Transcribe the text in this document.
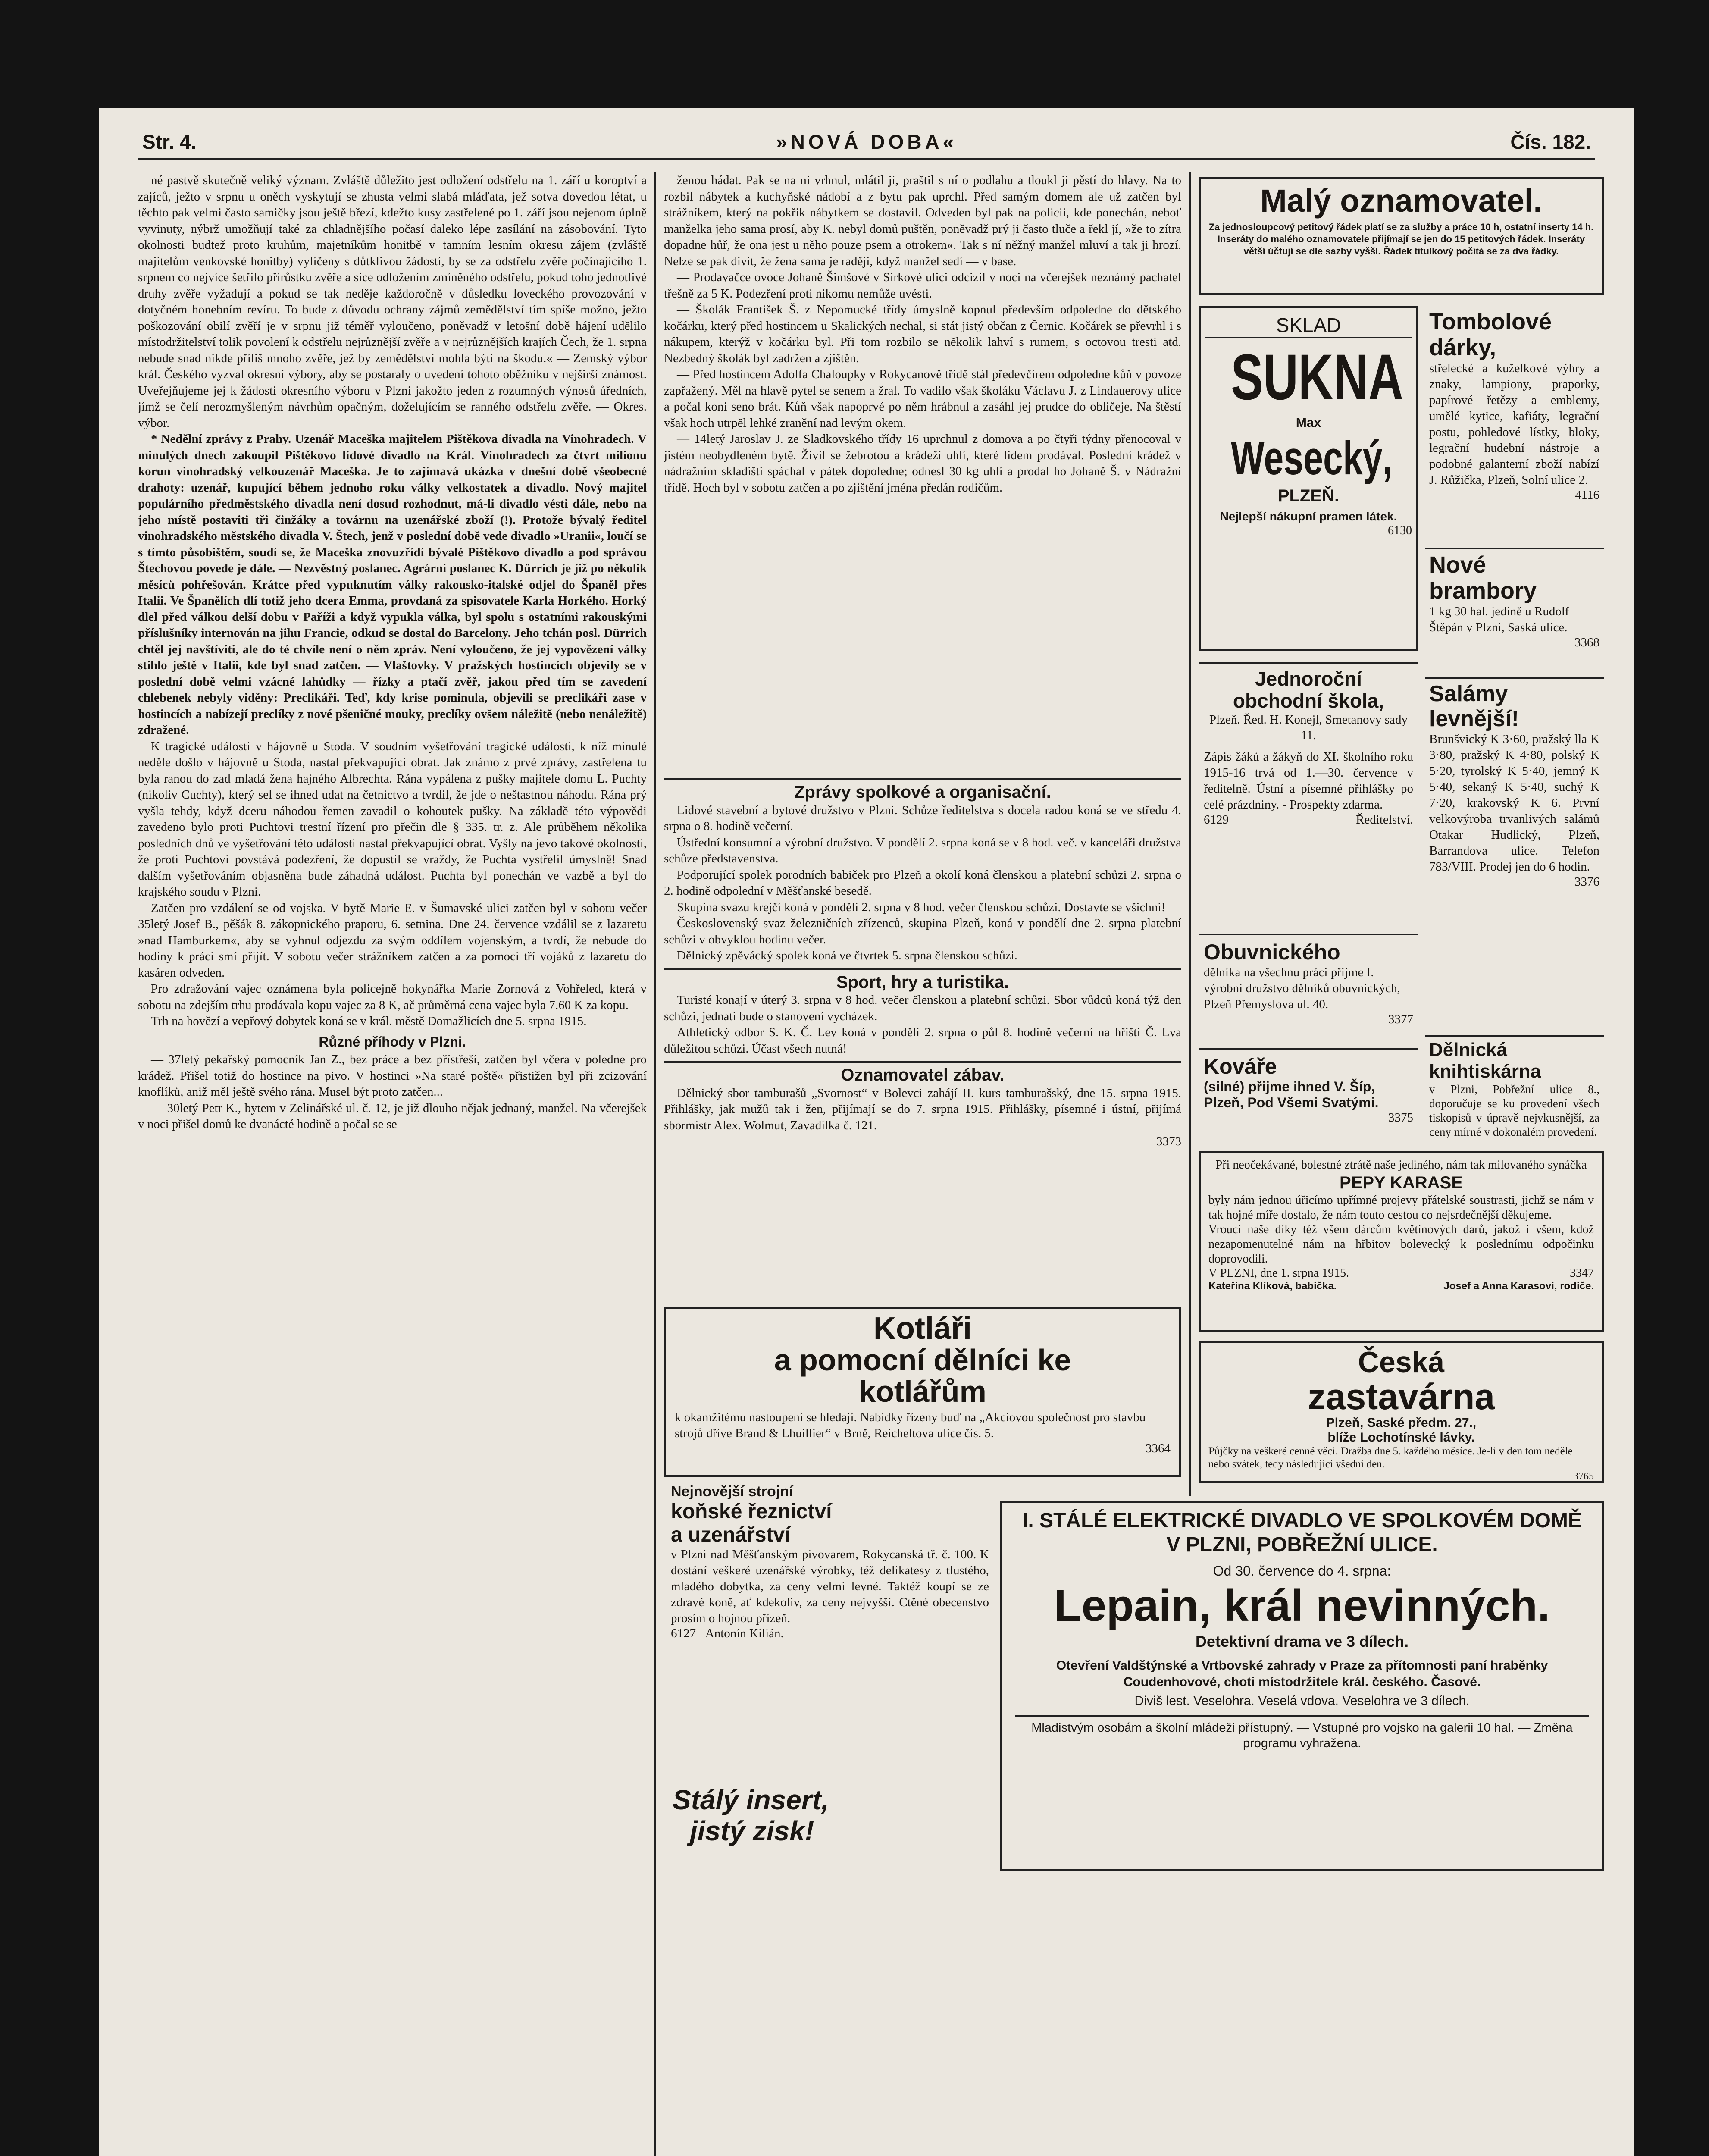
Str. 4.	»NOVÁ DOBA«	Čís. 182.

né pastvě skutečně veliký význam. Zvláště důležito jest odložení odstřelu na 1. září u koroptví a zajíců, ježto v srpnu u oněch vyskytují se zhusta velmi slabá mláďata, jež sotva dovedou létat, u těchto pak velmi často samičky jsou ještě březí, kdežto kusy zastřelené po 1. září jsou nejenom úplně vyvinuty, nýbrž umožňují také za chladnějšího počasí daleko lépe zasílání na zásobování. Tyto okolnosti budtež proto kruhům, majetníkům honitbě v tamním lesním okresu zájem (zvláště majitelům venkovské honitby) vylíčeny s důtklivou žádostí, by se za odstřelu zvěře počínajícího 1. srpnem co nejvíce šetřilo přírůstku zvěře a sice odložením zmíněného odstřelu, pokud toho jednotlivé druhy zvěře vyžadují a pokud se tak neděje každoročně v důsledku loveckého provozování v dotyčném honebním revíru. To bude z důvodu ochrany zájmů zemědělství tím spíše možno, ježto poškozování obilí zvěří je v srpnu již téměř vyloučeno, poněvadž v letošní době hájení udělilo místodržitelství tolik povolení k odstřelu nejrůznější zvěře a v nejrůznějších krajích Čech, že 1. srpna nebude snad nikde příliš mnoho zvěře, jež by zemědělství mohla býti na škodu.« — Zemský výbor král. Českého vyzval okresní výbory, aby se postaraly o uvedení tohoto oběžníku v nejširší známost. Uveřejňujeme jej k žádosti okresního výboru v Plzni jakožto jeden z rozumných výnosů úředních, jímž se čelí nerozmyšleným návrhům opačným, doželujícím se ranného odstřelu zvěře. — Okres. výbor.

* Nedělní zprávy z Prahy. Uzenář Maceška majitelem Pištěkova divadla na Vinohradech. V minulých dnech zakoupil Pištěkovo lidové divadlo na Král. Vinohradech za čtvrt milionu korun vinohradský velkouzenář Maceška. Je to zajímavá ukázka v dnešní době všeobecné drahoty: uzenář, kupující během jednoho roku války velkostatek a divadlo. Nový majitel populárního předměstského divadla není dosud rozhodnut, má-li divadlo vésti dále, nebo na jeho místě postaviti tři činžáky a továrnu na uzenářské zboží (!). Protože bývalý ředitel vinohradského městského divadla V. Štech, jenž v poslední době vede divadlo »Uranii«, loučí se s tímto působištěm, soudí se, že Maceška znovuzřídí bývalé Pištěkovo divadlo a pod správou Štechovou povede je dále. — Nezvěstný poslanec. Agrární poslanec K. Dürrich je již po několik měsíců pohřešován. Krátce před vypuknutím války rakousko-italské odjel do Španěl přes Italii. Ve Španělích dlí totiž jeho dcera Emma, provdaná za spisovatele Karla Horkého. Horký dlel před válkou delší dobu v Paříži a když vypukla válka, byl spolu s ostatními rakouskými příslušníky internován na jihu Francie, odkud se dostal do Barcelony. Jeho tchán posl. Dürrich chtěl jej navštíviti, ale do té chvíle není o něm zpráv. Není vyloučeno, že jej vypovězení války stihlo ještě v Italii, kde byl snad zatčen. — Vlaštovky. V pražských hostincích objevily se v poslední době velmi vzácné lahůdky — řízky a ptačí zvěř, jakou před tím se zavedení chlebenek nebyly viděny: Preclikáři. Teď, kdy krise pominula, objevili se preclikáři zase v hostincích a nabízejí preclíky z nové pšeničné mouky, preclíky ovšem náležitě (nebo nenáležitě) zdražené.

K tragické události v hájovně u Stoda. V soudním vyšetřování tragické události, k níž minulé neděle došlo v hájovně u Stoda, nastal překvapující obrat. Jak známo z prvé zprávy, zastřelena tu byla ranou do zad mladá žena hajného Albrechta. Rána vypálena z pušky majitele domu L. Puchty (nikoliv Cuchty), který sel se ihned udat na četnictvo a tvrdil, že jde o neštastnou náhodu. Rána prý vyšla tehdy, když dceru náhodou řemen zavadil o kohoutek pušky. Na základě této výpovědi zavedeno bylo proti Puchtovi trestní řízení pro přečin dle § 335. tr. z. Ale průběhem několika posledních dnů ve vyšetřování této události nastal překvapující obrat. Vyšly na jevo takové okolnosti, že proti Puchtovi povstává podezření, že dopustil se vraždy, že Puchta vystřelil úmyslně! Snad dalším vyšetřováním objasněna bude záhadná událost. Puchta byl ponechán ve vazbě a byl do krajského soudu v Plzni.

Zatčen pro vzdálení se od vojska. V bytě Marie E. v Šumavské ulici zatčen byl v sobotu večer 35letý Josef B., pěšák 8. zákopnického praporu, 6. setnina. Dne 24. července vzdálil se z lazaretu »nad Hamburkem«, aby se vyhnul odjezdu za svým oddílem vojenským, a tvrdí, že nebude do hodiny k práci smí přijít. V sobotu večer strážníkem zatčen a za pomoci tří vojáků z lazaretu do kasáren odveden.

Pro zdražování vajec oznámena byla policejně hokynářka Marie Zornová z Vohřeled, která v sobotu na zdejším trhu prodávala kopu vajec za 8 K, ač průměrná cena vajec byla 7.60 K za kopu.

Trh na hovězí a vepřový dobytek koná se v král. městě Domažlicích dne 5. srpna 1915.

Různé příhody v Plzni.

— 37letý pekařský pomocník Jan Z., bez práce a bez přístřeší, zatčen byl včera v poledne pro krádež. Přišel totiž do hostince na pivo. V hostinci »Na staré poště« přistižen byl při zcizování knoflíků, aniž měl ještě svého rána. Musel být proto zatčen...

— 30letý Petr K., bytem v Zelinářské ul. č. 12, je již dlouho nějak jednaný, manžel. Na včerejšek v noci přišel domů ke dvanácté hodině a počal se se

ženou hádat. Pak se na ni vrhnul, mlátil ji, praštil s ní o podlahu a tloukl ji pěstí do hlavy. Na to rozbil nábytek a kuchyňské nádobí a z bytu pak uprchl. Před samým domem ale už zatčen byl strážníkem, který na pokřik nábytkem se dostavil. Odveden byl pak na policii, kde ponechán, neboť manželka jeho sama prosí, aby K. nebyl domů puštěn, poněvadž prý ji často tluče a řekl jí, »že to zítra dopadne hůř, že ona jest u něho pouze psem a otrokem«. Tak s ní něžný manžel mluví a tak ji hrozí. Nelze se pak divit, že žena sama je raději, když manžel sedí — v base.

— Prodavačce ovoce Johaně Šimšové v Sirkové ulici odcizil v noci na včerejšek neznámý pachatel třešně za 5 K. Podezření proti nikomu nemůže uvésti.

— Školák František Š. z Nepomucké třídy úmyslně kopnul především odpoledne do dětského kočárku, který před hostincem u Skalických nechal, si stát jistý občan z Černic. Kočárek se převrhl i s nákupem, kterýž v kočárku byl. Při tom rozbilo se několik lahví s rumem, s octovou tresti atd. Nezbedný školák byl zadržen a zjištěn.

— Před hostincem Adolfa Chaloupky v Rokycanově třídě stál předevčírem odpoledne kůň v povoze zapřažený. Měl na hlavě pytel se senem a žral. To vadilo však školáku Václavu J. z Lindauerovy ulice a počal koni seno brát. Kůň však napoprvé po něm hrábnul a zasáhl jej prudce do obličeje. Na štěstí však hoch utrpěl lehké zranění nad levým okem.

— 14letý Jaroslav J. ze Sladkovského třídy 16 uprchnul z domova a po čtyři týdny přenocoval v jistém neobydleném bytě. Živil se žebrotou a krádeží uhlí, které lidem prodával. Poslední krádež v nádražním skladišti spáchal v pátek dopoledne; odnesl 30 kg uhlí a prodal ho Johaně Š. v Nádražní třídě. Hoch byl v sobotu zatčen a po zjištění jména předán rodičům.

Zprávy spolkové a organisační.

Lidové stavební a bytové družstvo v Plzni. Schůze ředitelstva s docela radou koná se ve středu 4. srpna o 8. hodině večerní.

Ústřední konsumní a výrobní družstvo. V pondělí 2. srpna koná se v 8 hod. več. v kanceláři družstva schůze představenstva.

Podporující spolek porodních babiček pro Plzeň a okolí koná členskou a platební schůzi 2. srpna o 2. hodině odpolední v Měšťanské besedě.

Skupina svazu krejčí koná v pondělí 2. srpna v 8 hod. večer členskou schůzi. Dostavte se všichni!

Československý svaz železničních zřízenců, skupina Plzeň, koná v pondělí dne 2. srpna platební schůzi v obvyklou hodinu večer.

Dělnický zpěvácký spolek koná ve čtvrtek 5. srpna členskou schůzi.

Sport, hry a turistika.

Turisté konají v úterý 3. srpna v 8 hod. večer členskou a platební schůzi. Sbor vůdců koná týž den schůzi, jednati bude o stanovení vycházek.

Athletický odbor S. K. Č. Lev koná v pondělí 2. srpna o půl 8. hodině večerní na hřišti Č. Lva důležitou schůzi. Účast všech nutná!

Oznamovatel zábav.

Dělnický sbor tamburašů „Svornost“ v Bolevci zahájí II. kurs tamburašský, dne 15. srpna 1915. Přihlášky, jak mužů tak i žen, přijímají se do 7. srpna 1915. Přihlášky, písemné i ústní, přijímá sbormistr Alex. Wolmut, Zavadilka č. 121.

3373
Kotláři
a pomocní dělníci ke
kotlářům

k okamžitému nastoupení se hledají. Nabídky řízeny buď na „Akciovou společnost pro stavbu strojů dříve Brand & Lhuillier“ v Brně, Reicheltova ulice čís. 5.

3364
Nejnovější strojní
koňské řeznictví
a uzenářství

v Plzni nad Měšťanským pivovarem, Rokycanská tř. č. 100. K dostání veškeré uzenářské výrobky, též delikatesy z tlustého, mladého dobytka, za ceny velmi levné. Taktéž koupí se ze zdravé koně, ať kdekoliv, za ceny nejvyšší. Ctěné obecenstvo prosím o hojnou přízeň.

6127 Antonín Kilián.
Stálý insert,
jistý zisk!
I. STÁLÉ ELEKTRICKÉ DIVADLO VE SPOLKOVÉM DOMĚ V PLZNI, POBŘEŽNÍ ULICE.
Od 30. července do 4. srpna:
Lepain, král nevinných.
Detektivní drama ve 3 dílech.

Otevření Valdštýnské a Vrtbovské zahrady v Praze za přítomnosti paní hraběnky Coudenhovové, choti místodržitele král. českého. Časové.

Diviš lest. Veselohra. Veselá vdova. Veselohra ve 3 dílech.

Mladistvým osobám a školní mládeži přístupný. — Vstupné pro vojsko na galerii 10 hal. — Změna programu vyhražena.

Malý oznamovatel.

Za jednosloupcový petitový řádek platí se za služby a práce 10 h, ostatní inserty 14 h. Inseráty do malého oznamovatele přijímají se jen do 15 petitových řádek. Inseráty větší účtují se dle sazby vyšší. Řádek titulkový počítá se za dva řádky.

SKLAD
SUKNA
Max
Wesecký,
PLZEŇ.
Nejlepší nákupní pramen látek.
6130
Tombolové dárky,

střelecké a kuželkové výhry a znaky, lampiony, praporky, papírové řetězy a emblemy, umělé kytice, kafiáty, legrační postu, pohledové lístky, bloky, legrační hudební nástroje a podobné galanterní zboží nabízí J. Růžička, Plzeň, Solní ulice 2.

4116
Nové brambory

1 kg 30 hal. jedině u Rudolf Štěpán v Plzni, Saská ulice.

3368
Jednoroční
obchodní škola,
Plzeň. Řed. H. Konejl, Smetanovy sady 11.

Zápis žáků a žákyň do XI. školního roku 1915-16 trvá od 1.—30. července v ředitelně. Ústní a písemné přihlášky po celé prázdniny. - Prospekty zdarma.

6129	Ředitelství.
Salámy levnější!

Brunšvický K 3·60, pražský lla K 3·80, pražský K 4·80, polský K 5·20, tyrolský K 5·40, jemný K 5·40, sekaný K 5·40, suchý K 7·20, krakovský K 6. První velkovýroba trvanlivých salámů Otakar Hudlický, Plzeň, Barrandova ulice. Telefon 783/VIII. Prodej jen do 6 hodin.

3376
Obuvnického

dělníka na všechnu práci přijme I. výrobní družstvo dělníků obuvnických, Plzeň Přemyslova ul. 40.

3377
Kováře

(silné) přijme ihned V. Šíp, Plzeň, Pod Všemi Svatými.

3375
Dělnická knihtiskárna

v Plzni, Pobřežní ulice 8., doporučuje se ku provedení všech tiskopisů v úpravě nejvkusnější, za ceny mírné v dokonalém provedení.

Při neočekávané, bolestné ztrátě naše jediného, nám tak milovaného synáčka

PEPY KARASE

byly nám jednou úřicímo upřímné projevy přátelské soustrasti, jichž se nám v tak hojné míře dostalo, že nám touto cestou co nejsrdečnější děkujeme.

Vroucí naše díky též všem dárcům květinových darů, jakož i všem, kdož nezapomenutelné nám na hřbitov bolevecký k poslednímu odpočinku doprovodili.

V PLZNI, dne 1. srpna 1915.	3347
Kateřina Klíková, babička.	Josef a Anna Karasovi, rodiče.
Česká
zastavárna
Plzeň, Saské předm. 27.,
blíže Lochotínské lávky.

Půjčky na veškeré cenné věci. Dražba dne 5. každého měsíce. Je-li v den tom neděle nebo svátek, tedy následující všední den.

3765
